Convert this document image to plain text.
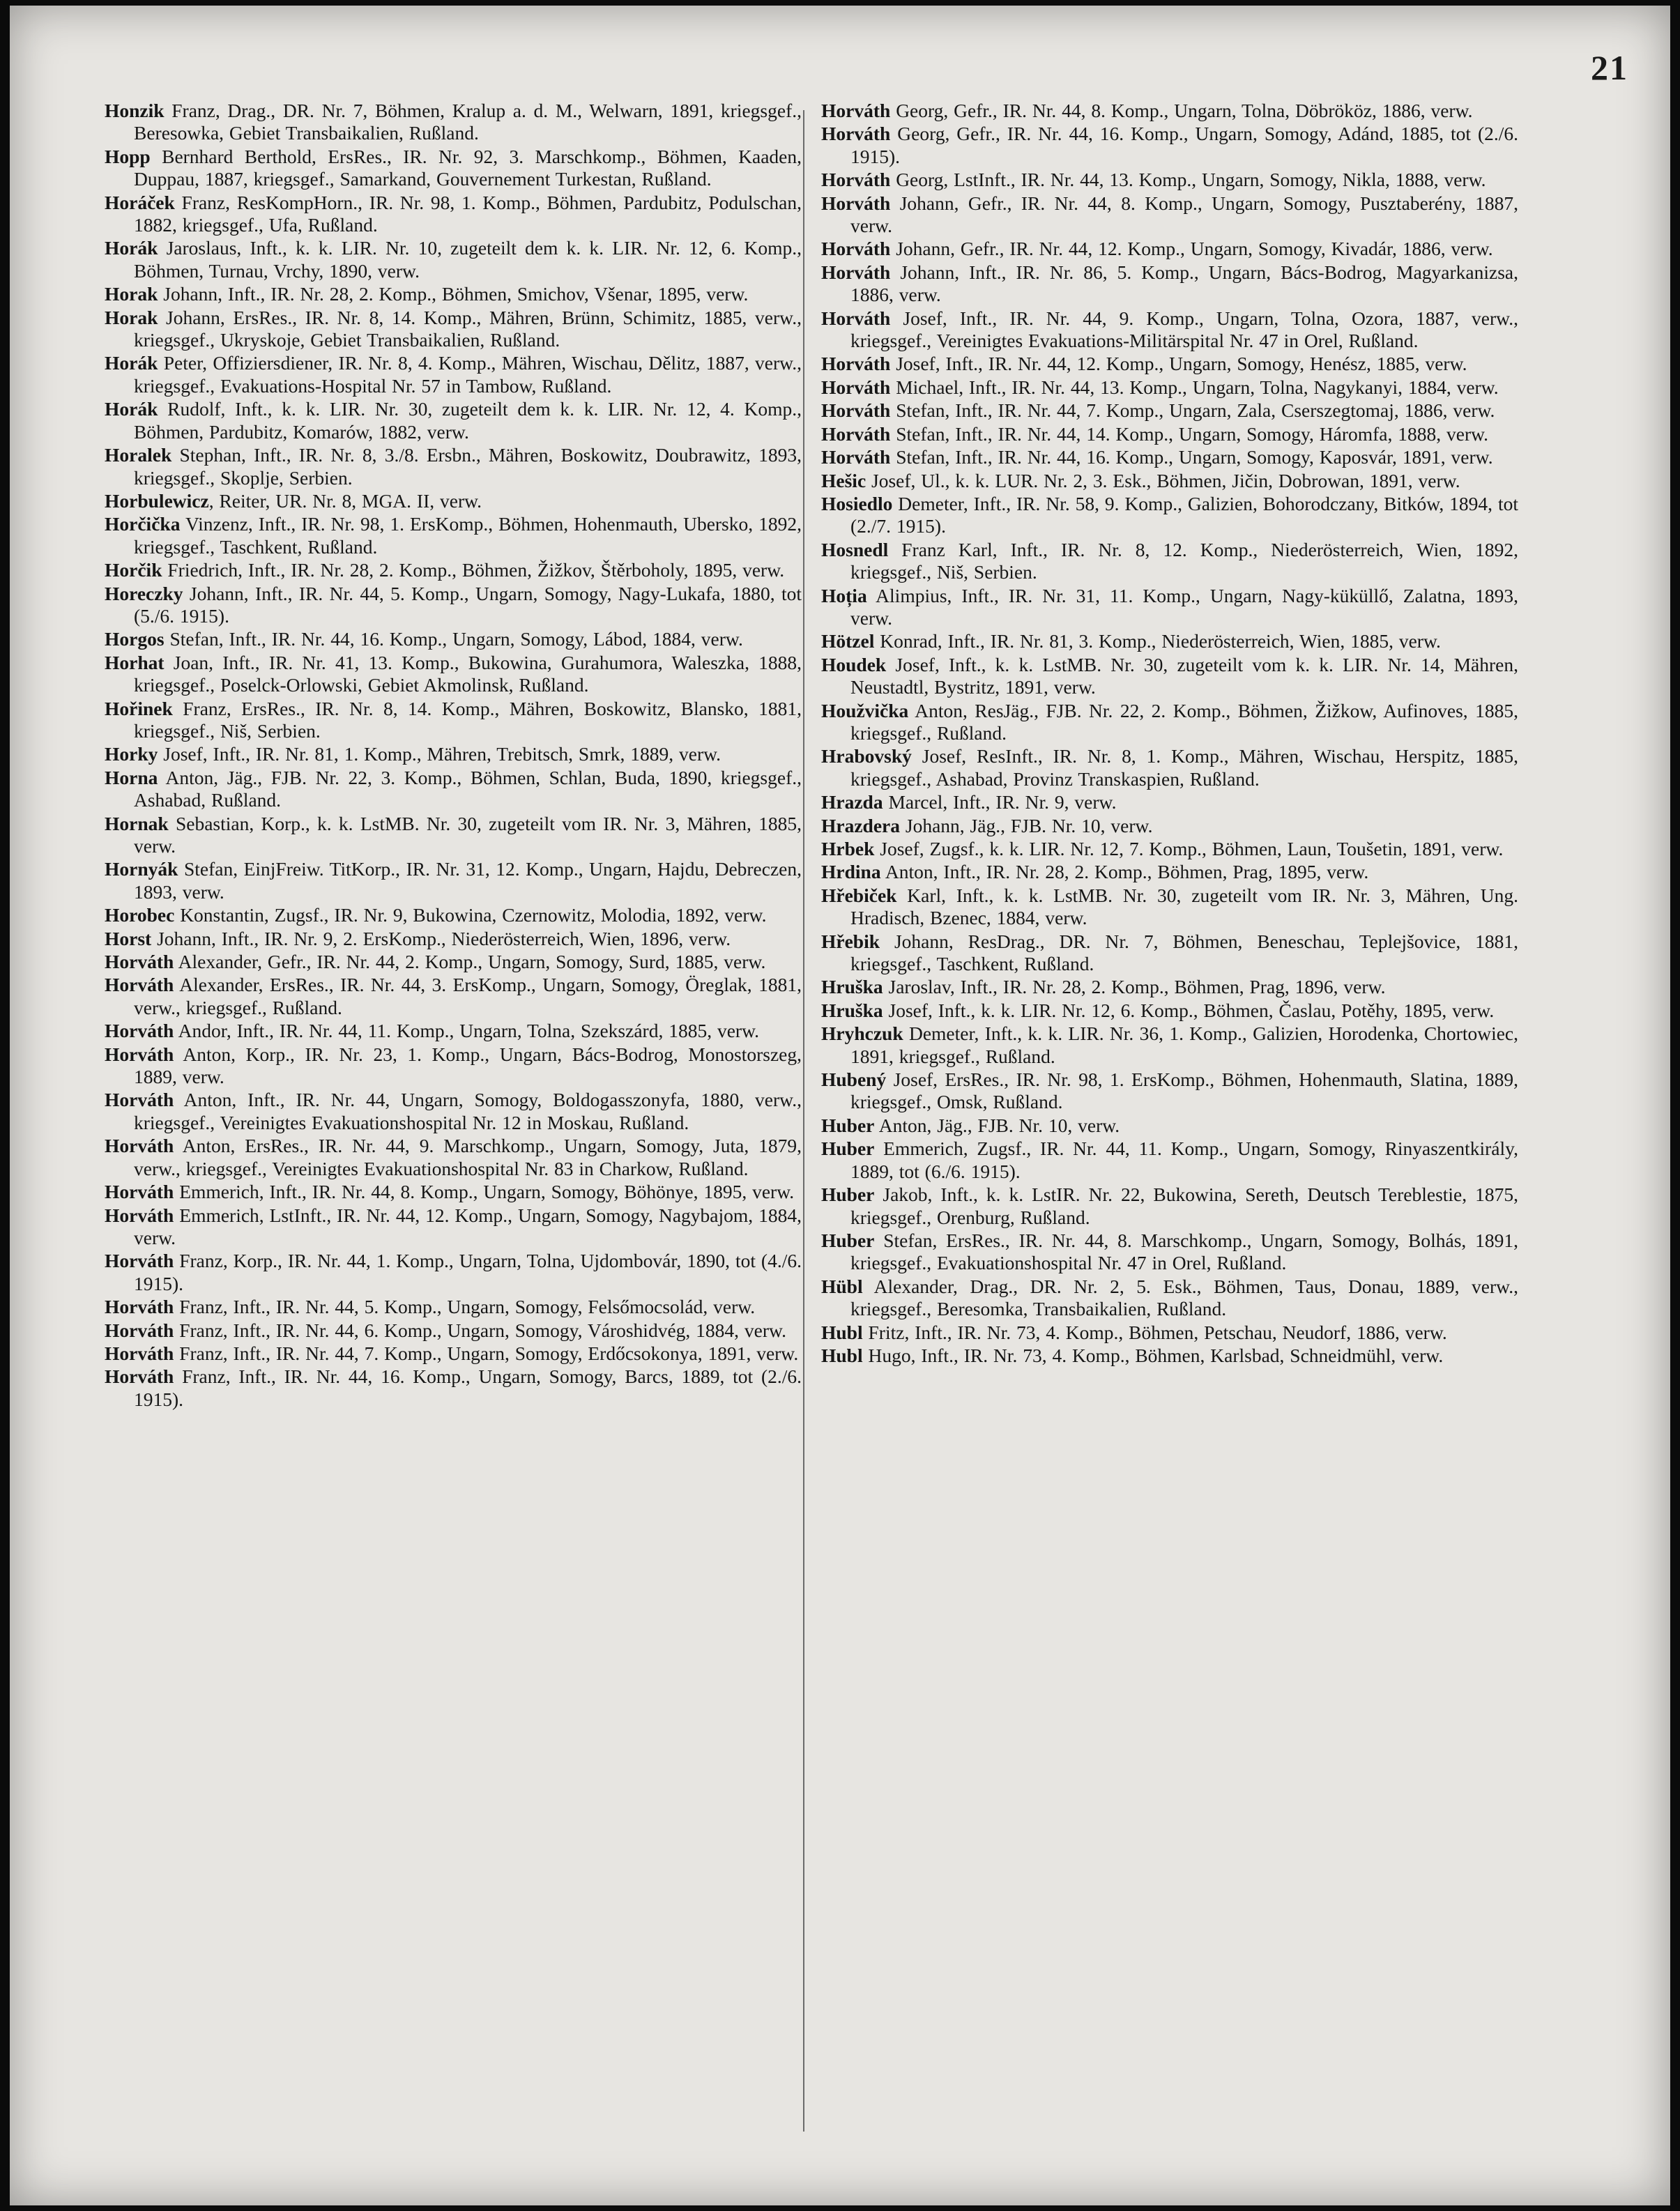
21

Honzik Franz, Drag., DR. Nr. 7, Böhmen, Kralup a. d. M., Welwarn, 1891, kriegsgef., Beresowka, Gebiet Transbaikalien, Rußland.

Hopp Bernhard Berthold, ErsRes., IR. Nr. 92, 3. Marschkomp., Böhmen, Kaaden, Duppau, 1887, kriegsgef., Samarkand, Gouvernement Turkestan, Rußland.

Horáček Franz, ResKompHorn., IR. Nr. 98, 1. Komp., Böhmen, Pardubitz, Podulschan, 1882, kriegsgef., Ufa, Rußland.

Horák Jaroslaus, Inft., k. k. LIR. Nr. 10, zugeteilt dem k. k. LIR. Nr. 12, 6. Komp., Böhmen, Turnau, Vrchy, 1890, verw.

Horak Johann, Inft., IR. Nr. 28, 2. Komp., Böhmen, Smichov, Všenar, 1895, verw.

Horak Johann, ErsRes., IR. Nr. 8, 14. Komp., Mähren, Brünn, Schimitz, 1885, verw., kriegsgef., Ukryskoje, Gebiet Transbaikalien, Rußland.

Horák Peter, Offiziersdiener, IR. Nr. 8, 4. Komp., Mähren, Wischau, Dělitz, 1887, verw., kriegsgef., Evakuations-Hospital Nr. 57 in Tambow, Rußland.

Horák Rudolf, Inft., k. k. LIR. Nr. 30, zugeteilt dem k. k. LIR. Nr. 12, 4. Komp., Böhmen, Pardubitz, Komarów, 1882, verw.

Horalek Stephan, Inft., IR. Nr. 8, 3./8. Ersbn., Mähren, Boskowitz, Doubrawitz, 1893, kriegsgef., Skoplje, Serbien.

Horbulewicz, Reiter, UR. Nr. 8, MGA. II, verw.

Horčička Vinzenz, Inft., IR. Nr. 98, 1. ErsKomp., Böhmen, Hohenmauth, Ubersko, 1892, kriegsgef., Taschkent, Rußland.

Horčik Friedrich, Inft., IR. Nr. 28, 2. Komp., Böhmen, Žižkov, Štěrboholy, 1895, verw.

Horeczky Johann, Inft., IR. Nr. 44, 5. Komp., Ungarn, Somogy, Nagy-Lukafa, 1880, tot (5./6. 1915).

Horgos Stefan, Inft., IR. Nr. 44, 16. Komp., Ungarn, Somogy, Lábod, 1884, verw.

Horhat Joan, Inft., IR. Nr. 41, 13. Komp., Bukowina, Gurahumora, Waleszka, 1888, kriegsgef., Poselck-Orlowski, Gebiet Akmolinsk, Rußland.

Hořinek Franz, ErsRes., IR. Nr. 8, 14. Komp., Mähren, Boskowitz, Blansko, 1881, kriegsgef., Niš, Serbien.

Horky Josef, Inft., IR. Nr. 81, 1. Komp., Mähren, Trebitsch, Smrk, 1889, verw.

Horna Anton, Jäg., FJB. Nr. 22, 3. Komp., Böhmen, Schlan, Buda, 1890, kriegsgef., Ashabad, Rußland.

Hornak Sebastian, Korp., k. k. LstMB. Nr. 30, zugeteilt vom IR. Nr. 3, Mähren, 1885, verw.

Hornyák Stefan, EinjFreiw. TitKorp., IR. Nr. 31, 12. Komp., Ungarn, Hajdu, Debreczen, 1893, verw.

Horobec Konstantin, Zugsf., IR. Nr. 9, Bukowina, Czernowitz, Molodia, 1892, verw.

Horst Johann, Inft., IR. Nr. 9, 2. ErsKomp., Niederösterreich, Wien, 1896, verw.

Horváth Alexander, Gefr., IR. Nr. 44, 2. Komp., Ungarn, Somogy, Surd, 1885, verw.

Horváth Alexander, ErsRes., IR. Nr. 44, 3. ErsKomp., Ungarn, Somogy, Öreglak, 1881, verw., kriegsgef., Rußland.

Horváth Andor, Inft., IR. Nr. 44, 11. Komp., Ungarn, Tolna, Szekszárd, 1885, verw.

Horváth Anton, Korp., IR. Nr. 23, 1. Komp., Ungarn, Bács-Bodrog, Monostorszeg, 1889, verw.

Horváth Anton, Inft., IR. Nr. 44, Ungarn, Somogy, Boldogasszonyfa, 1880, verw., kriegsgef., Vereinigtes Evakuationshospital Nr. 12 in Moskau, Rußland.

Horváth Anton, ErsRes., IR. Nr. 44, 9. Marschkomp., Ungarn, Somogy, Juta, 1879, verw., kriegsgef., Vereinigtes Evakuationshospital Nr. 83 in Charkow, Rußland.

Horváth Emmerich, Inft., IR. Nr. 44, 8. Komp., Ungarn, Somogy, Böhönye, 1895, verw.

Horváth Emmerich, LstInft., IR. Nr. 44, 12. Komp., Ungarn, Somogy, Nagybajom, 1884, verw.

Horváth Franz, Korp., IR. Nr. 44, 1. Komp., Ungarn, Tolna, Ujdombovár, 1890, tot (4./6. 1915).

Horváth Franz, Inft., IR. Nr. 44, 5. Komp., Ungarn, Somogy, Felsőmocsolád, verw.

Horváth Franz, Inft., IR. Nr. 44, 6. Komp., Ungarn, Somogy, Városhidvég, 1884, verw.

Horváth Franz, Inft., IR. Nr. 44, 7. Komp., Ungarn, Somogy, Erdőcsokonya, 1891, verw.

Horváth Franz, Inft., IR. Nr. 44, 16. Komp., Ungarn, Somogy, Barcs, 1889, tot (2./6. 1915).

Horváth Georg, Gefr., IR. Nr. 44, 8. Komp., Ungarn, Tolna, Döbrököz, 1886, verw.

Horváth Georg, Gefr., IR. Nr. 44, 16. Komp., Ungarn, Somogy, Adánd, 1885, tot (2./6. 1915).

Horváth Georg, LstInft., IR. Nr. 44, 13. Komp., Ungarn, Somogy, Nikla, 1888, verw.

Horváth Johann, Gefr., IR. Nr. 44, 8. Komp., Ungarn, Somogy, Pusztaberény, 1887, verw.

Horváth Johann, Gefr., IR. Nr. 44, 12. Komp., Ungarn, Somogy, Kivadár, 1886, verw.

Horváth Johann, Inft., IR. Nr. 86, 5. Komp., Ungarn, Bács-Bodrog, Magyarkanizsa, 1886, verw.

Horváth Josef, Inft., IR. Nr. 44, 9. Komp., Ungarn, Tolna, Ozora, 1887, verw., kriegsgef., Vereinigtes Evakuations-Militärspital Nr. 47 in Orel, Rußland.

Horváth Josef, Inft., IR. Nr. 44, 12. Komp., Ungarn, Somogy, Henész, 1885, verw.

Horváth Michael, Inft., IR. Nr. 44, 13. Komp., Ungarn, Tolna, Nagykanyi, 1884, verw.

Horváth Stefan, Inft., IR. Nr. 44, 7. Komp., Ungarn, Zala, Cserszegtomaj, 1886, verw.

Horváth Stefan, Inft., IR. Nr. 44, 14. Komp., Ungarn, Somogy, Háromfa, 1888, verw.

Horváth Stefan, Inft., IR. Nr. 44, 16. Komp., Ungarn, Somogy, Kaposvár, 1891, verw.

Hešic Josef, Ul., k. k. LUR. Nr. 2, 3. Esk., Böhmen, Jičin, Dobrowan, 1891, verw.

Hosiedlo Demeter, Inft., IR. Nr. 58, 9. Komp., Galizien, Bohorodczany, Bitków, 1894, tot (2./7. 1915).

Hosnedl Franz Karl, Inft., IR. Nr. 8, 12. Komp., Niederösterreich, Wien, 1892, kriegsgef., Niš, Serbien.

Hoția Alimpius, Inft., IR. Nr. 31, 11. Komp., Ungarn, Nagy-küküllő, Zalatna, 1893, verw.

Hötzel Konrad, Inft., IR. Nr. 81, 3. Komp., Niederösterreich, Wien, 1885, verw.

Houdek Josef, Inft., k. k. LstMB. Nr. 30, zugeteilt vom k. k. LIR. Nr. 14, Mähren, Neustadtl, Bystritz, 1891, verw.

Houžvička Anton, ResJäg., FJB. Nr. 22, 2. Komp., Böhmen, Žižkow, Aufinoves, 1885, kriegsgef., Rußland.

Hrabovský Josef, ResInft., IR. Nr. 8, 1. Komp., Mähren, Wischau, Herspitz, 1885, kriegsgef., Ashabad, Provinz Transkaspien, Rußland.

Hrazda Marcel, Inft., IR. Nr. 9, verw.

Hrazdera Johann, Jäg., FJB. Nr. 10, verw.

Hrbek Josef, Zugsf., k. k. LIR. Nr. 12, 7. Komp., Böhmen, Laun, Toušetin, 1891, verw.

Hrdina Anton, Inft., IR. Nr. 28, 2. Komp., Böhmen, Prag, 1895, verw.

Hřebiček Karl, Inft., k. k. LstMB. Nr. 30, zugeteilt vom IR. Nr. 3, Mähren, Ung. Hradisch, Bzenec, 1884, verw.

Hřebik Johann, ResDrag., DR. Nr. 7, Böhmen, Beneschau, Teplejšovice, 1881, kriegsgef., Taschkent, Rußland.

Hruška Jaroslav, Inft., IR. Nr. 28, 2. Komp., Böhmen, Prag, 1896, verw.

Hruška Josef, Inft., k. k. LIR. Nr. 12, 6. Komp., Böhmen, Časlau, Potěhy, 1895, verw.

Hryhczuk Demeter, Inft., k. k. LIR. Nr. 36, 1. Komp., Galizien, Horodenka, Chortowiec, 1891, kriegsgef., Rußland.

Hubený Josef, ErsRes., IR. Nr. 98, 1. ErsKomp., Böhmen, Hohenmauth, Slatina, 1889, kriegsgef., Omsk, Rußland.

Huber Anton, Jäg., FJB. Nr. 10, verw.

Huber Emmerich, Zugsf., IR. Nr. 44, 11. Komp., Ungarn, Somogy, Rinyaszentkirály, 1889, tot (6./6. 1915).

Huber Jakob, Inft., k. k. LstIR. Nr. 22, Bukowina, Sereth, Deutsch Tereblestie, 1875, kriegsgef., Orenburg, Rußland.

Huber Stefan, ErsRes., IR. Nr. 44, 8. Marschkomp., Ungarn, Somogy, Bolhás, 1891, kriegsgef., Evakuationshospital Nr. 47 in Orel, Rußland.

Hübl Alexander, Drag., DR. Nr. 2, 5. Esk., Böhmen, Taus, Donau, 1889, verw., kriegsgef., Beresomka, Transbaikalien, Rußland.

Hubl Fritz, Inft., IR. Nr. 73, 4. Komp., Böhmen, Petschau, Neudorf, 1886, verw.

Hubl Hugo, Inft., IR. Nr. 73, 4. Komp., Böhmen, Karlsbad, Schneidmühl, verw.
